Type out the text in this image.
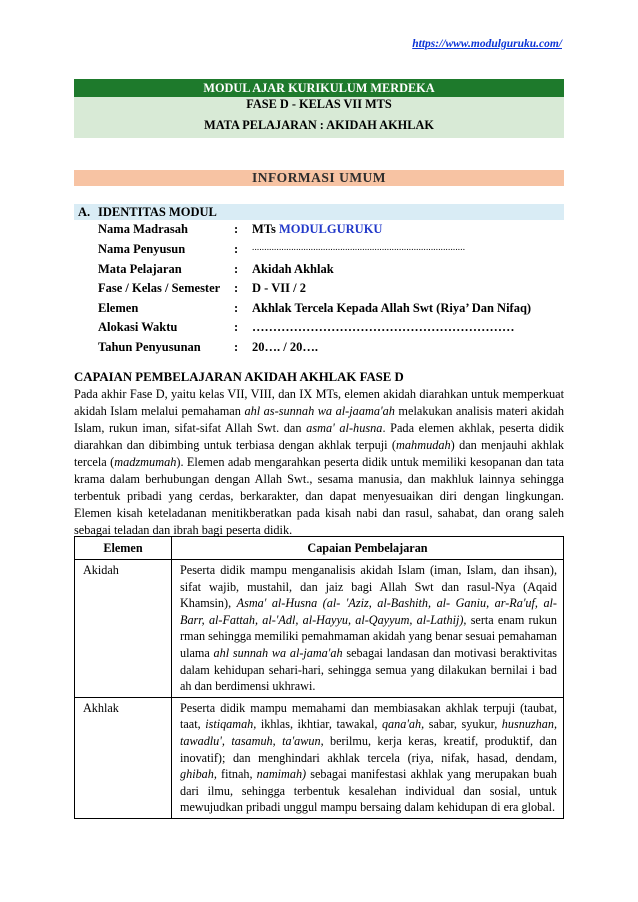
https://www.modulguruku.com/
MODUL AJAR KURIKULUM MERDEKA
FASE D - KELAS VII MTS
MATA PELAJARAN : AKIDAH AKHLAK
INFORMASI UMUM
A. IDENTITAS MODUL
Nama Madrasah	: MTs MODULGURUKU
Nama Penyusun	: .......................................................................................
Mata Pelajaran	: Akidah Akhlak
Fase / Kelas / Semester : D - VII / 2
Elemen	: Akhlak Tercela Kepada Allah Swt (Riya’ Dan Nifaq)
Alokasi Waktu	: ………………………………………………………
Tahun Penyusunan	: 20…. / 20….
CAPAIAN PEMBELAJARAN AKIDAH AKHLAK FASE D
Pada akhir Fase D, yaitu kelas VII, VIII, dan IX MTs, elemen akidah diarahkan untuk memperkuat akidah Islam melalui pemahaman ahl as-sunnah wa al-jaama'ah melakukan analisis materi akidah Islam, rukun iman, sifat-sifat Allah Swt. dan asma' al-husna. Pada elemen akhlak, peserta didik diarahkan dan dibimbing untuk terbiasa dengan akhlak terpuji (mahmudah) dan menjauhi akhlak tercela (madzmumah). Elemen adab mengarahkan peserta didik untuk memiliki kesopanan dan tata krama dalam berhubungan dengan Allah Swt., sesama manusia, dan makhluk lainnya sehingga terbentuk pribadi yang cerdas, berkarakter, dan dapat menyesuaikan diri dengan lingkungan. Elemen kisah keteladanan menitikberatkan pada kisah nabi dan rasul, sahabat, dan orang saleh sebagai teladan dan ibrah bagi peserta didik.
Elemen	Capaian Pembelajaran
Akidah	Peserta didik mampu menganalisis akidah Islam (iman, Islam, dan ihsan), sifat wajib, mustahil, dan jaiz bagi Allah Swt dan rasul-Nya (Aqaid Khamsin), Asma' al-Husna (al- 'Aziz, al-Bashith, al- Ganiu, ar-Ra'uf, al-Barr, al-Fattah, al-'Adl, al-Hayyu, al-Qayyum, al-Lathij), serta enam rukun rman sehingga memiliki pemahmaman akidah yang benar sesuai pemahaman ulama ahl sunnah wa al-jama'ah sebagai landasan dan motivasi beraktivitas dalam kehidupan sehari-hari, sehingga semua yang dilakukan bernilai i bad ah dan berdimensi ukhrawi.
Akhlak	Peserta didik mampu memahami dan membiasakan akhlak terpuji (taubat, taat, istiqamah, ikhlas, ikhtiar, tawakal, qana'ah, sabar, syukur, husnuzhan, tawadlu', tasamuh, ta'awun, berilmu, kerja keras, kreatif, produktif, dan inovatif); dan menghindari akhlak tercela (riya, nifak, hasad, dendam, ghibah, fitnah, namimah) sebagai manifestasi akhlak yang merupakan buah dari ilmu, sehingga terbentuk kesalehan individual dan sosial, untuk mewujudkan pribadi unggul mampu bersaing dalam kehidupan di era global.
